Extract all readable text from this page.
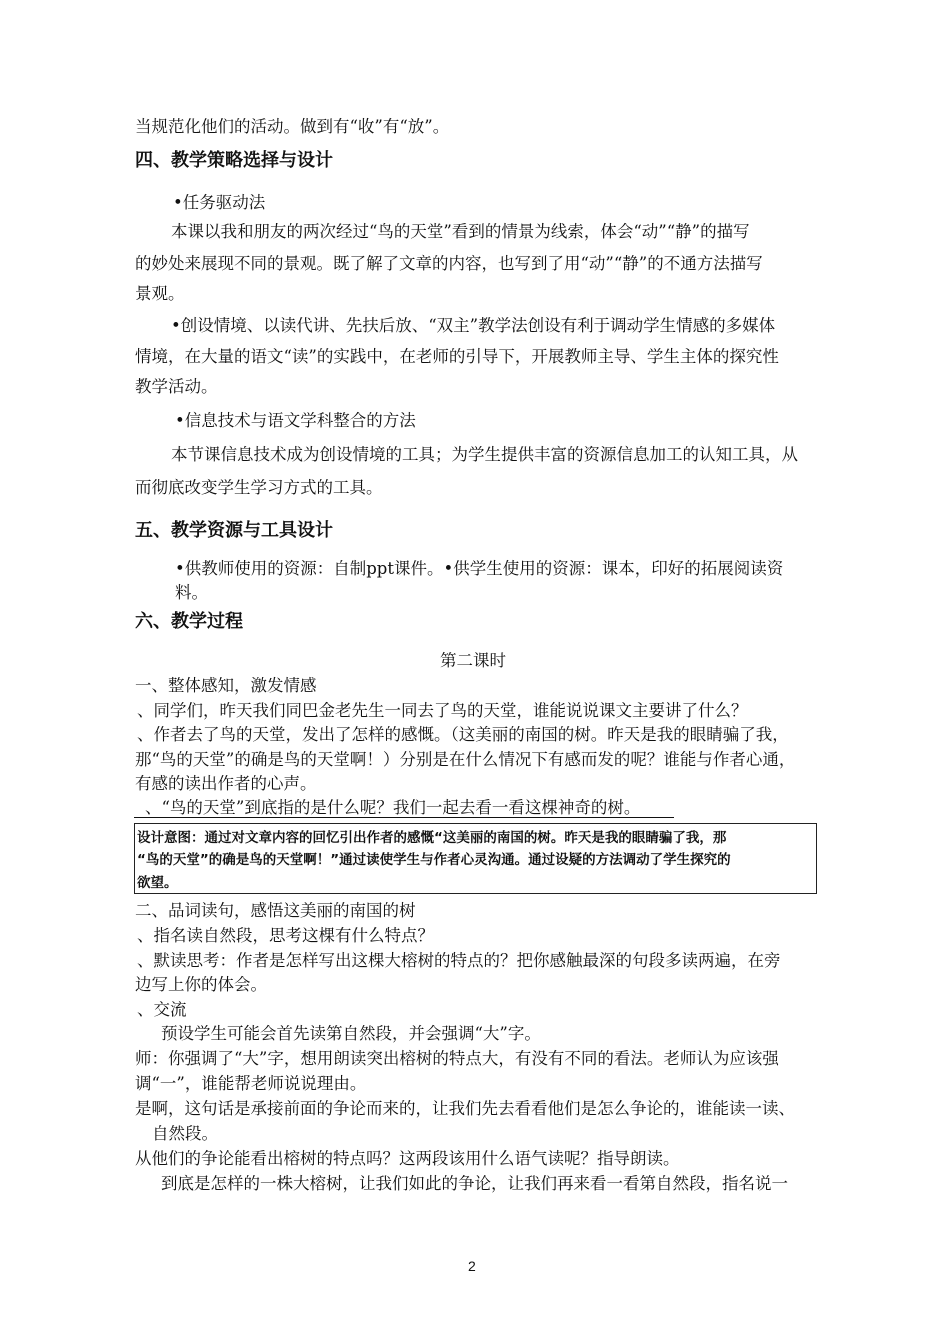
当规范化他们的活动。做到有“收”有“放”。
四、教学策略选择与设计
•任务驱动法
本课以我和朋友的两次经过“鸟的天堂”看到的情景为线索，体会“动”“静”的描写
的妙处来展现不同的景观。既了解了文章的内容，也写到了用“动”“静”的不通方法描写
景观。
•创设情境、以读代讲、先扶后放、“双主”教学法创设有利于调动学生情感的多媒体
情境，在大量的语文“读”的实践中，在老师的引导下，开展教师主导、学生主体的探究性
教学活动。
•信息技术与语文学科整合的方法
本节课信息技术成为创设情境的工具；为学生提供丰富的资源信息加工的认知工具，从
而彻底改变学生学习方式的工具。
五、教学资源与工具设计
•供教师使用的资源：自制ppt课件。•供学生使用的资源：课本，印好的拓展阅读资
料。
六、教学过程
第二课时
一、整体感知，激发情感
、同学们，昨天我们同巴金老先生一同去了鸟的天堂，谁能说说课文主要讲了什么？
、作者去了鸟的天堂，发出了怎样的感慨。（这美丽的南国的树。昨天是我的眼睛骗了我，
那“鸟的天堂”的确是鸟的天堂啊！）分别是在什么情况下有感而发的呢？谁能与作者心通，
有感的读出作者的心声。
、“鸟的天堂”到底指的是什么呢？我们一起去看一看这棵神奇的树。
设计意图：通过对文章内容的回忆引出作者的感慨“这美丽的南国的树。昨天是我的眼睛骗了我，那
“鸟的天堂”的确是鸟的天堂啊！”通过读使学生与作者心灵沟通。通过设疑的方法调动了学生探究的
欲望。
二、品词读句，感悟这美丽的南国的树
、指名读自然段，思考这棵有什么特点？
、默读思考：作者是怎样写出这棵大榕树的特点的？把你感触最深的句段多读两遍，在旁
边写上你的体会。
、交流
预设学生可能会首先读第自然段，并会强调“大”字。
师：你强调了“大”字，想用朗读突出榕树的特点大，有没有不同的看法。老师认为应该强
调“一”，谁能帮老师说说理由。
是啊，这句话是承接前面的争论而来的，让我们先去看看他们是怎么争论的，谁能读一读、
自然段。
从他们的争论能看出榕树的特点吗？这两段该用什么语气读呢？指导朗读。
到底是怎样的一株大榕树，让我们如此的争论，让我们再来看一看第自然段，指名说一
2
